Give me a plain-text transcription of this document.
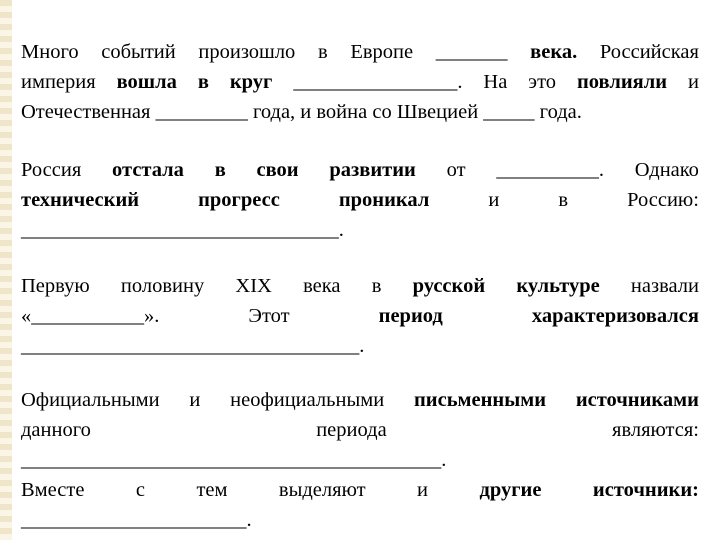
Много событий произошло в Европе _______ века. Российская
империя вошла в круг ________________. На это повлияли и
Отечественная _________ года, и война со Швецией _____ года.
Россия отстала в свои развитии от __________. Однако
технический	прогресс	проникал	и	в	Россию:
_______________________________.
Первую половину XIX века в русской культуре назвали
«___________».	Этот	период	характеризовался
_________________________________.
Официальными и неофициальными письменными источниками
данного	периода	являются:
_________________________________________.
Вместе	с	тем	выделяют	и	другие	источники:
______________________.
